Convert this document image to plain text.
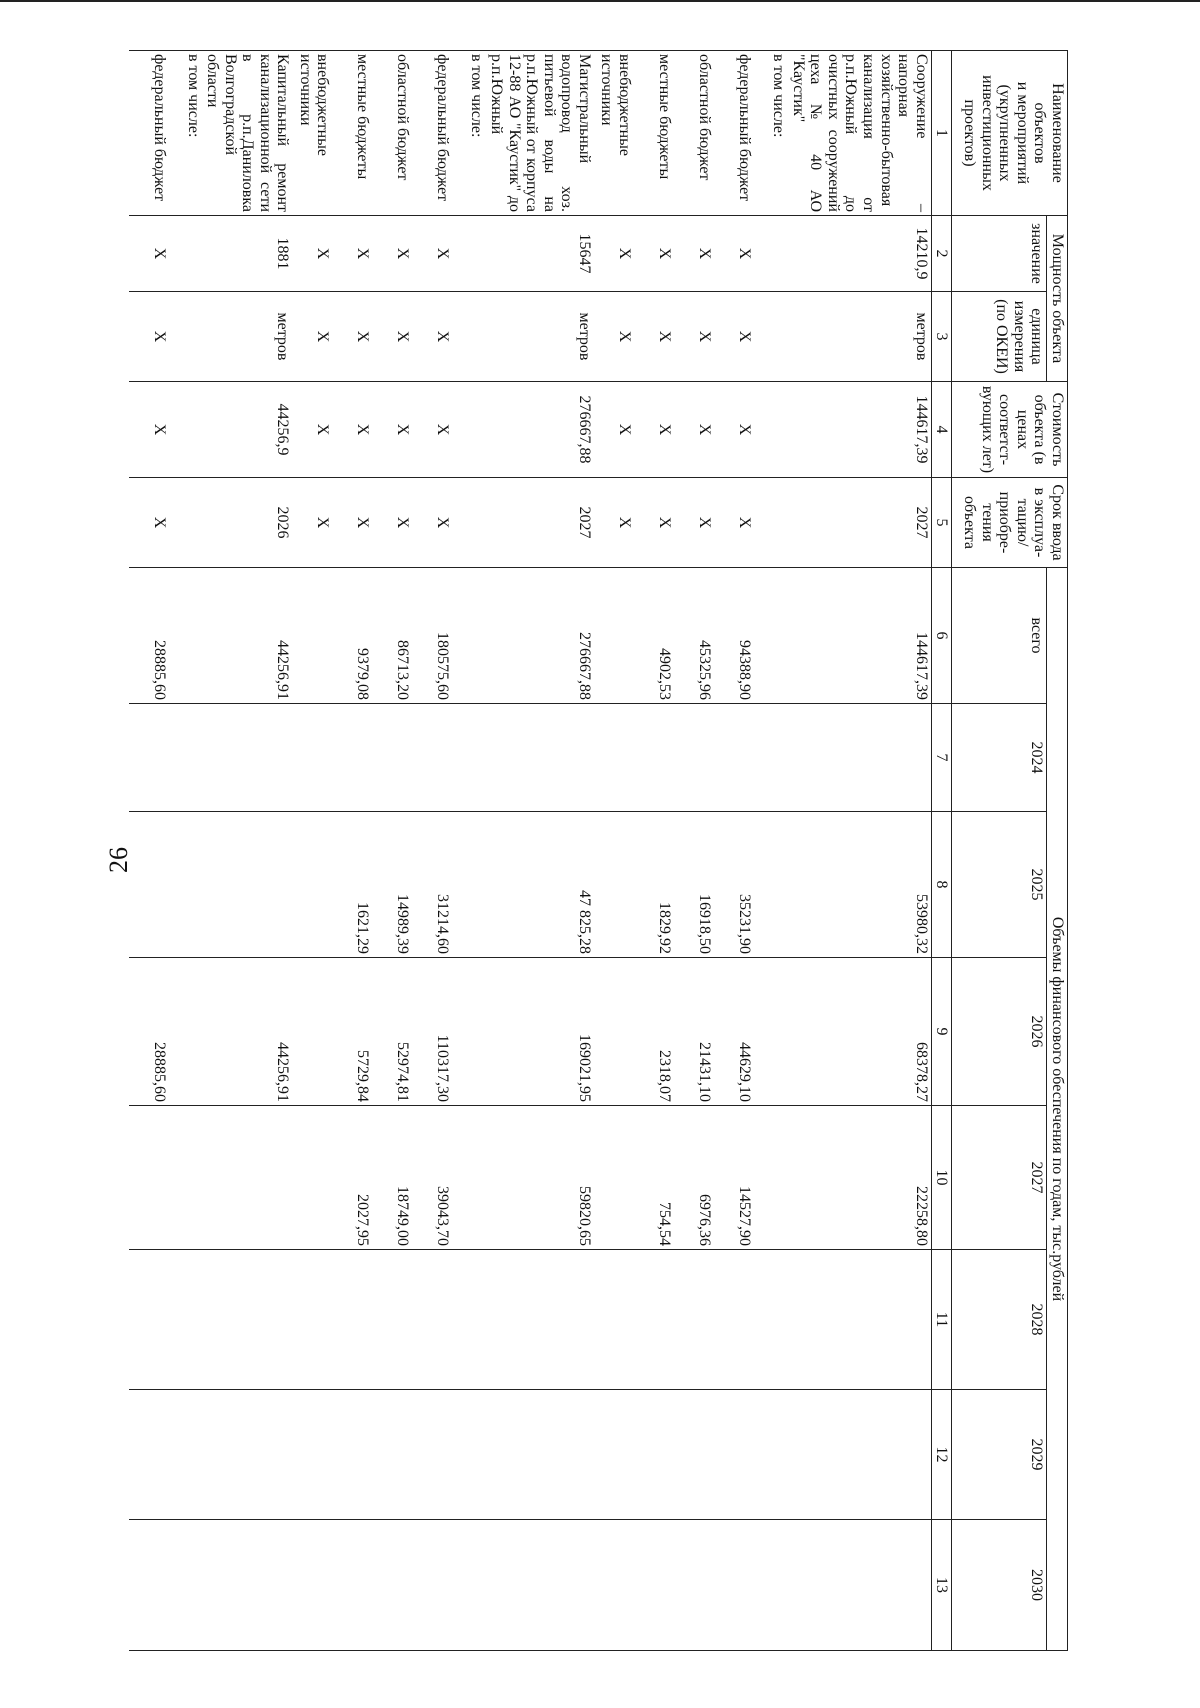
26
Наименование объектов
и мероприятий (укрупненных инвестиционных проектов)	Мощность объекта		Стоимость объекта (в ценах соответст-вующих лет)	Срок ввода в эксплуа-тацию/ приобре-тения объекта	Объемы финансового обеспечения по годам, тыс.рублей							
	значение	единица измерения (по ОКЕИ)			всего	2024	2025	2026	2027	2028	2029	2030
1	2	3	4	5	6	7	8	9	10	11	12	13
Сооружение – напорная хозяйственно-бытовая канализация от р.п.Южный до очистных сооружений цеха № 40 АО "Каустик"	14210,9	метров	144617,39	2027	144617,39		53980,32	68378,27	22258,80			
в том числе:												
федеральный бюджет	Х	Х	Х	Х	94388,90		35231,90	44629,10	14527,90			
областной бюджет	Х	Х	Х	Х	45325,96		16918,50	21431,10	6976,36			
местные бюджеты	Х	Х	Х	Х	4902,53		1829,92	2318,07	754,54			
внебюджетные источники	Х	Х	Х	Х								
Магистральный водопровод хоз. питьевой воды на р.п.Южный от корпуса 12-88 АО "Каустик" до р.п.Южный	15647	метров	276667,88	2027	276667,88		47 825,28	169021,95	59820,65			
в том числе:												
федеральный бюджет	Х	Х	Х	Х	180575,60		31214,60	110317,30	39043,70			
областной бюджет	Х	Х	Х	Х	86713,20		14989,39	52974,81	18749,00			
местные бюджеты	Х	Х	Х	Х	9379,08		1621,29	5729,84	2027,95			
внебюджетные источники	Х	Х	Х	Х								
Капитальный ремонт канализационной сети в р.п.Даниловка Волгоградской области	1881	метров	44256,9	2026	44256,91			44256,91				
в том числе:												
федеральный бюджет	Х	Х	Х	Х	28885,60			28885,60				
